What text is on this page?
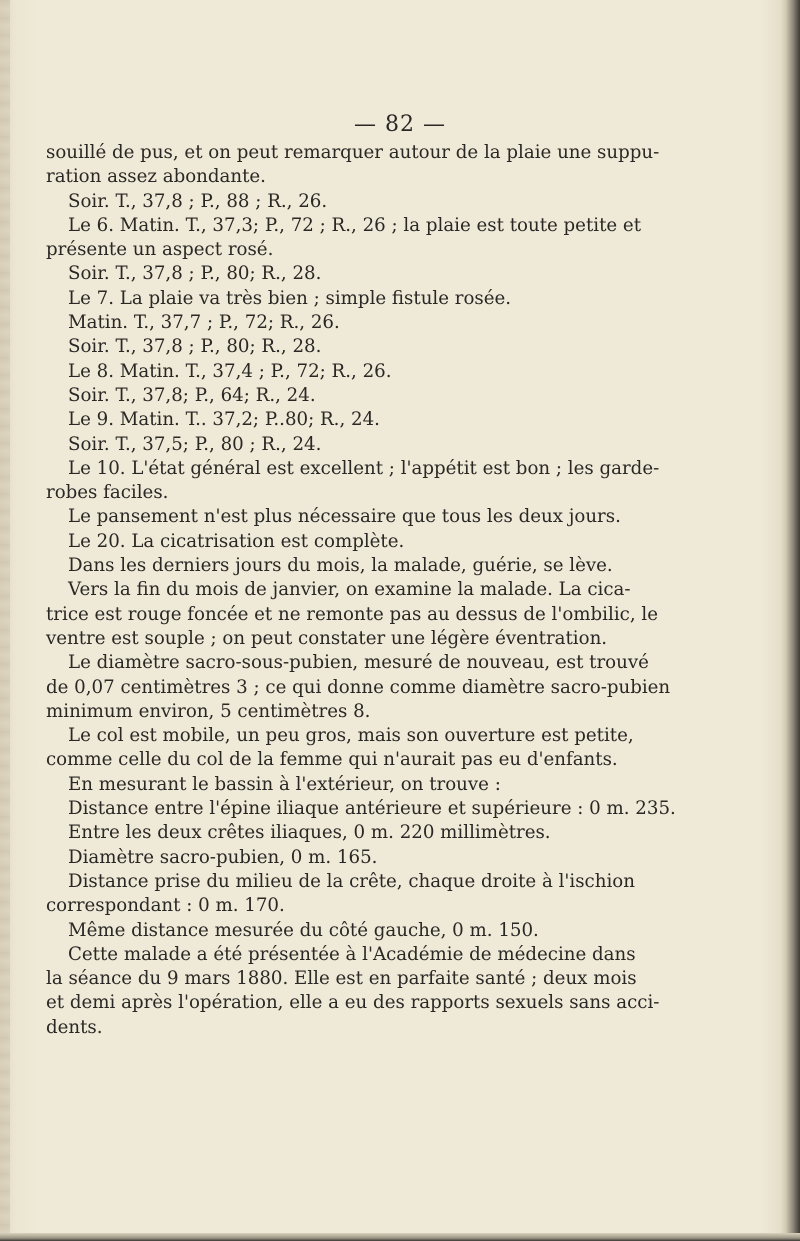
— 82 —
souillé de pus, et on peut remarquer autour de la plaie une suppu-
ration assez abondante.
Soir. T., 37,8 ; P., 88 ; R., 26.
Le 6. Matin. T., 37,3; P., 72 ; R., 26 ; la plaie est toute petite et
présente un aspect rosé.
Soir. T., 37,8 ; P., 80; R., 28.
Le 7. La plaie va très bien ; simple fistule rosée.
Matin. T., 37,7 ; P., 72; R., 26.
Soir. T., 37,8 ; P., 80; R., 28.
Le 8. Matin. T., 37,4 ; P., 72; R., 26.
Soir. T., 37,8; P., 64; R., 24.
Le 9. Matin. T.. 37,2; P..80; R., 24.
Soir. T., 37,5; P., 80 ; R., 24.
Le 10. L'état général est excellent ; l'appétit est bon ; les garde-
robes faciles.
Le pansement n'est plus nécessaire que tous les deux jours.
Le 20. La cicatrisation est complète.
Dans les derniers jours du mois, la malade, guérie, se lève.
Vers la fin du mois de janvier, on examine la malade. La cica-
trice est rouge foncée et ne remonte pas au dessus de l'ombilic, le
ventre est souple ; on peut constater une légère éventration.
Le diamètre sacro-sous-pubien, mesuré de nouveau, est trouvé
de 0,07 centimètres 3 ; ce qui donne comme diamètre sacro-pubien
minimum environ, 5 centimètres 8.
Le col est mobile, un peu gros, mais son ouverture est petite,
comme celle du col de la femme qui n'aurait pas eu d'enfants.
En mesurant le bassin à l'extérieur, on trouve :
Distance entre l'épine iliaque antérieure et supérieure : 0 m. 235.
Entre les deux crêtes iliaques, 0 m. 220 millimètres.
Diamètre sacro-pubien, 0 m. 165.
Distance prise du milieu de la crête, chaque droite à l'ischion
correspondant : 0 m. 170.
Même distance mesurée du côté gauche, 0 m. 150.
Cette malade a été présentée à l'Académie de médecine dans
la séance du 9 mars 1880. Elle est en parfaite santé ; deux mois
et demi après l'opération, elle a eu des rapports sexuels sans acci-
dents.
